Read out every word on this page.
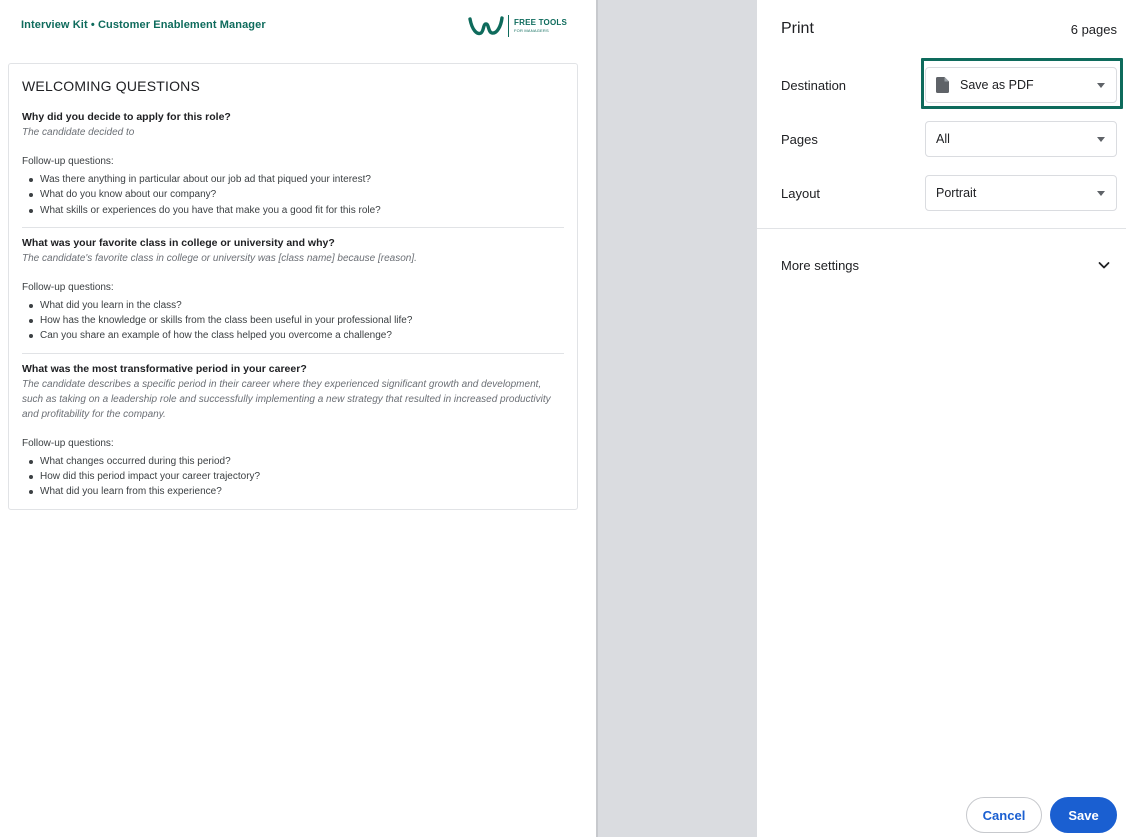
Interview Kit • Customer Enablement Manager	FREE TOOLS
FOR MANAGERS
WELCOMING QUESTIONS
Why did you decide to apply for this role?
The candidate decided to
Follow-up questions:
Was there anything in particular about our job ad that piqued your interest?
What do you know about our company?
What skills or experiences do you have that make you a good fit for this role?
What was your favorite class in college or university and why?
The candidate's favorite class in college or university was [class name] because [reason].
Follow-up questions:
What did you learn in the class?
How has the knowledge or skills from the class been useful in your professional life?
Can you share an example of how the class helped you overcome a challenge?
What was the most transformative period in your career?
The candidate describes a specific period in their career where they experienced significant growth and development, such as taking on a leadership role and successfully implementing a new strategy that resulted in increased productivity and profitability for the company.
Follow-up questions:
What changes occurred during this period?
How did this period impact your career trajectory?
What did you learn from this experience?
Print	6 pages
Destination	Save as PDF
Pages	All
Layout	Portrait
More settings
Cancel	Save
